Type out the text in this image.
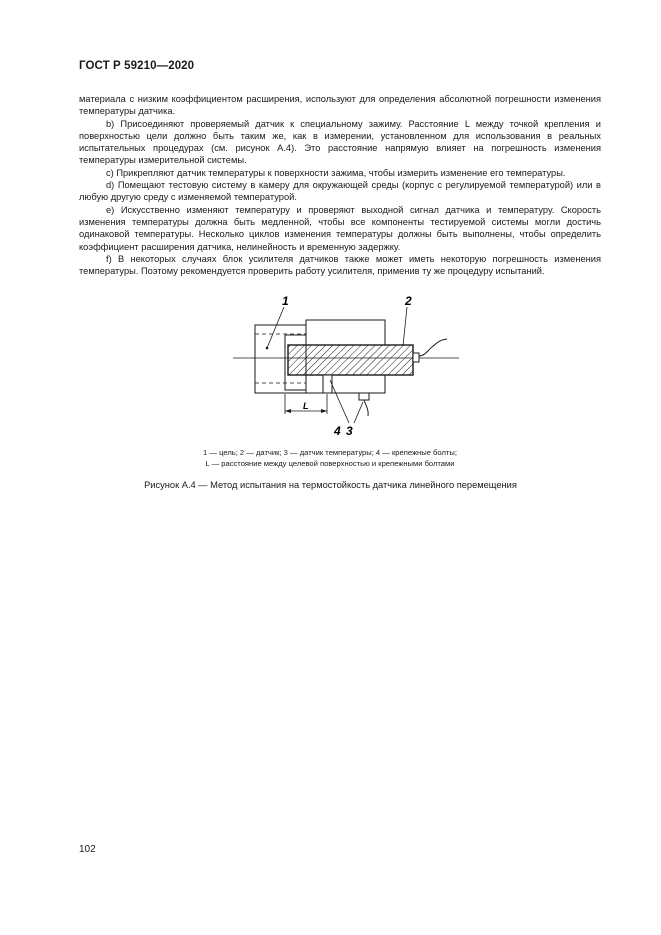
ГОСТ Р 59210—2020

материала с низким коэффициентом расширения, используют для определения абсолютной погрешности изменения температуры датчика.

b) Присоединяют проверяемый датчик к специальному зажиму. Расстояние L между точкой крепления и поверхностью цели должно быть таким же, как в измерении, установленном для использования в реальных испытательных процедурах (см. рисунок А.4). Это расстояние напрямую влияет на погрешность изменения температуры измерительной системы.

c) Прикрепляют датчик температуры к поверхности зажима, чтобы измерить изменение его температуры.

d) Помещают тестовую систему в камеру для окружающей среды (корпус с регулируемой температурой) или в любую другую среду с изменяемой температурой.

e) Искусственно изменяют температуру и проверяют выходной сигнал датчика и температуру. Скорость изменения температуры должна быть медленной, чтобы все компоненты тестируемой системы могли достичь одинаковой температуры. Несколько циклов изменения температуры должны быть выполнены, чтобы определить коэффициент расширения датчика, нелинейность и временную задержку.

f) В некоторых случаях блок усилителя датчиков также может иметь некоторую погрешность изменения температуры. Поэтому рекомендуется проверить работу усилителя, применив ту же процедуру испытаний.

L
1	2
4 3
1 — цель; 2 — датчик; 3 — датчик температуры; 4 — крепежные болты;
L — расстояние между целевой поверхностью и крепежными болтами
Рисунок А.4 — Метод испытания на термостойкость датчика линейного перемещения
102
